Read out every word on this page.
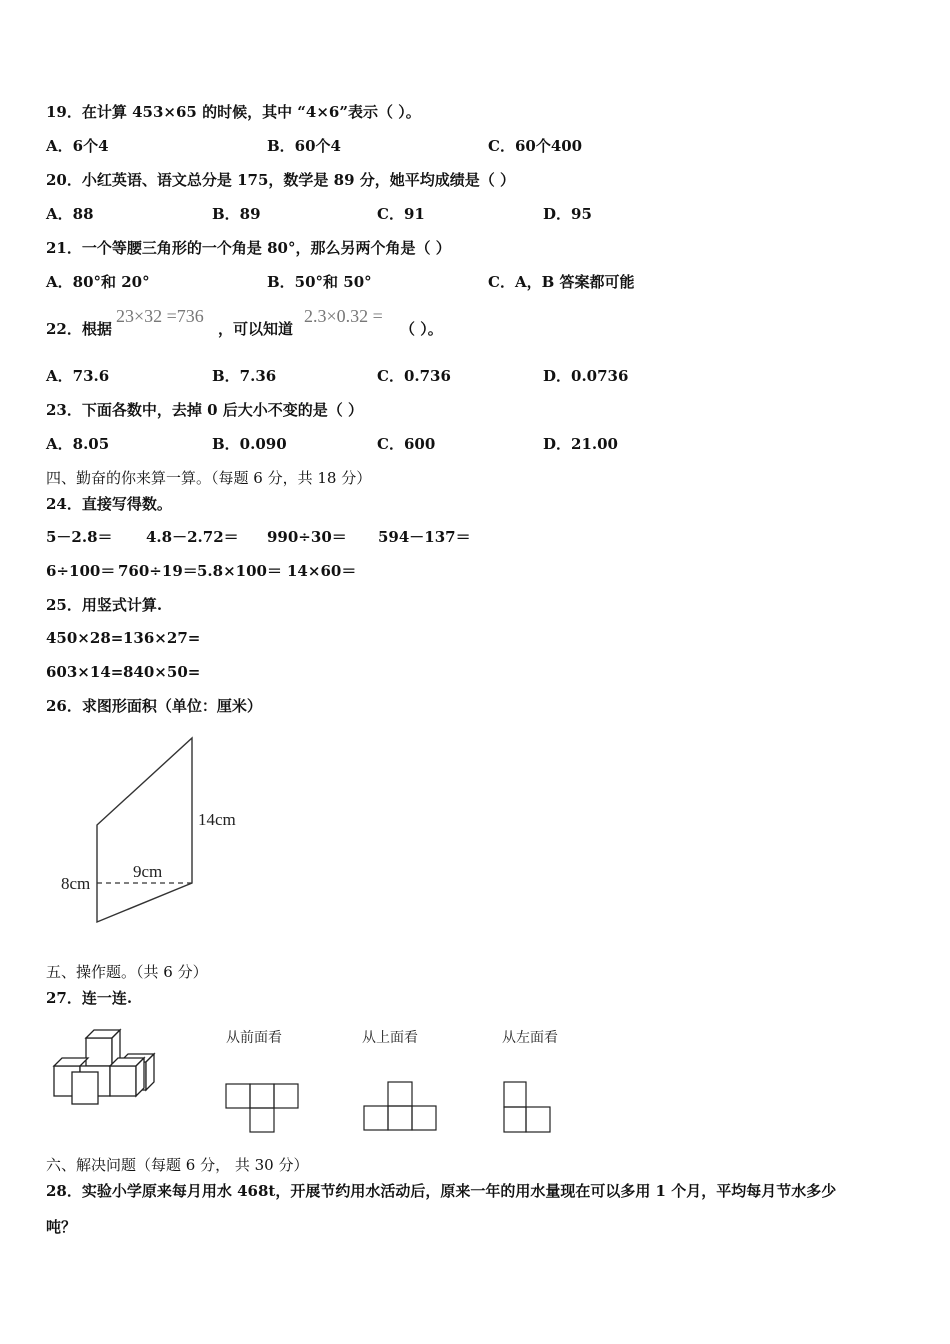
19．在计算 453×65 的时候，其中 “4×6”表示（ ）。
A．6个4	B．60个4	C．60个400
20．小红英语、语文总分是 175，数学是 89 分，她平均成绩是（ ）
A．88	B．89	C．91	D．95
21．一个等腰三角形的一个角是 80°，那么另两个角是（ ）
A．80°和 20°	B．50°和 50°	C．A，B 答案都可能
22．根据
23×32 =736
，可以知道
2.3×0.32 =
（ ）。
A．73.6	B．7.36	C．0.736	D．0.0736
23．下面各数中，去掉 0 后大小不变的是（ ）
A．8.05	B．0.090	C．600	D．21.00
四、勤奋的你来算一算。（每题 6 分，共 18 分）
24．直接写得数。
5－2.8＝ 4.8－2.72＝ 990÷30＝ 594－137＝
6÷100＝ 760÷19＝ 5.8×100＝ 14×60＝
25．用竖式计算.
450×28= 136×27=
603×14= 840×50=
26．求图形面积（单位：厘米）
14cm
9cm
8cm
五、操作题。（共 6 分）
27．连一连.
从前面看	从上面看	从左面看
六、解决问题（每题 6 分， 共 30 分）
28．实验小学原来每月用水 468t，开展节约用水活动后，原来一年的用水量现在可以多用 1 个月，平均每月节水多少
吨？
